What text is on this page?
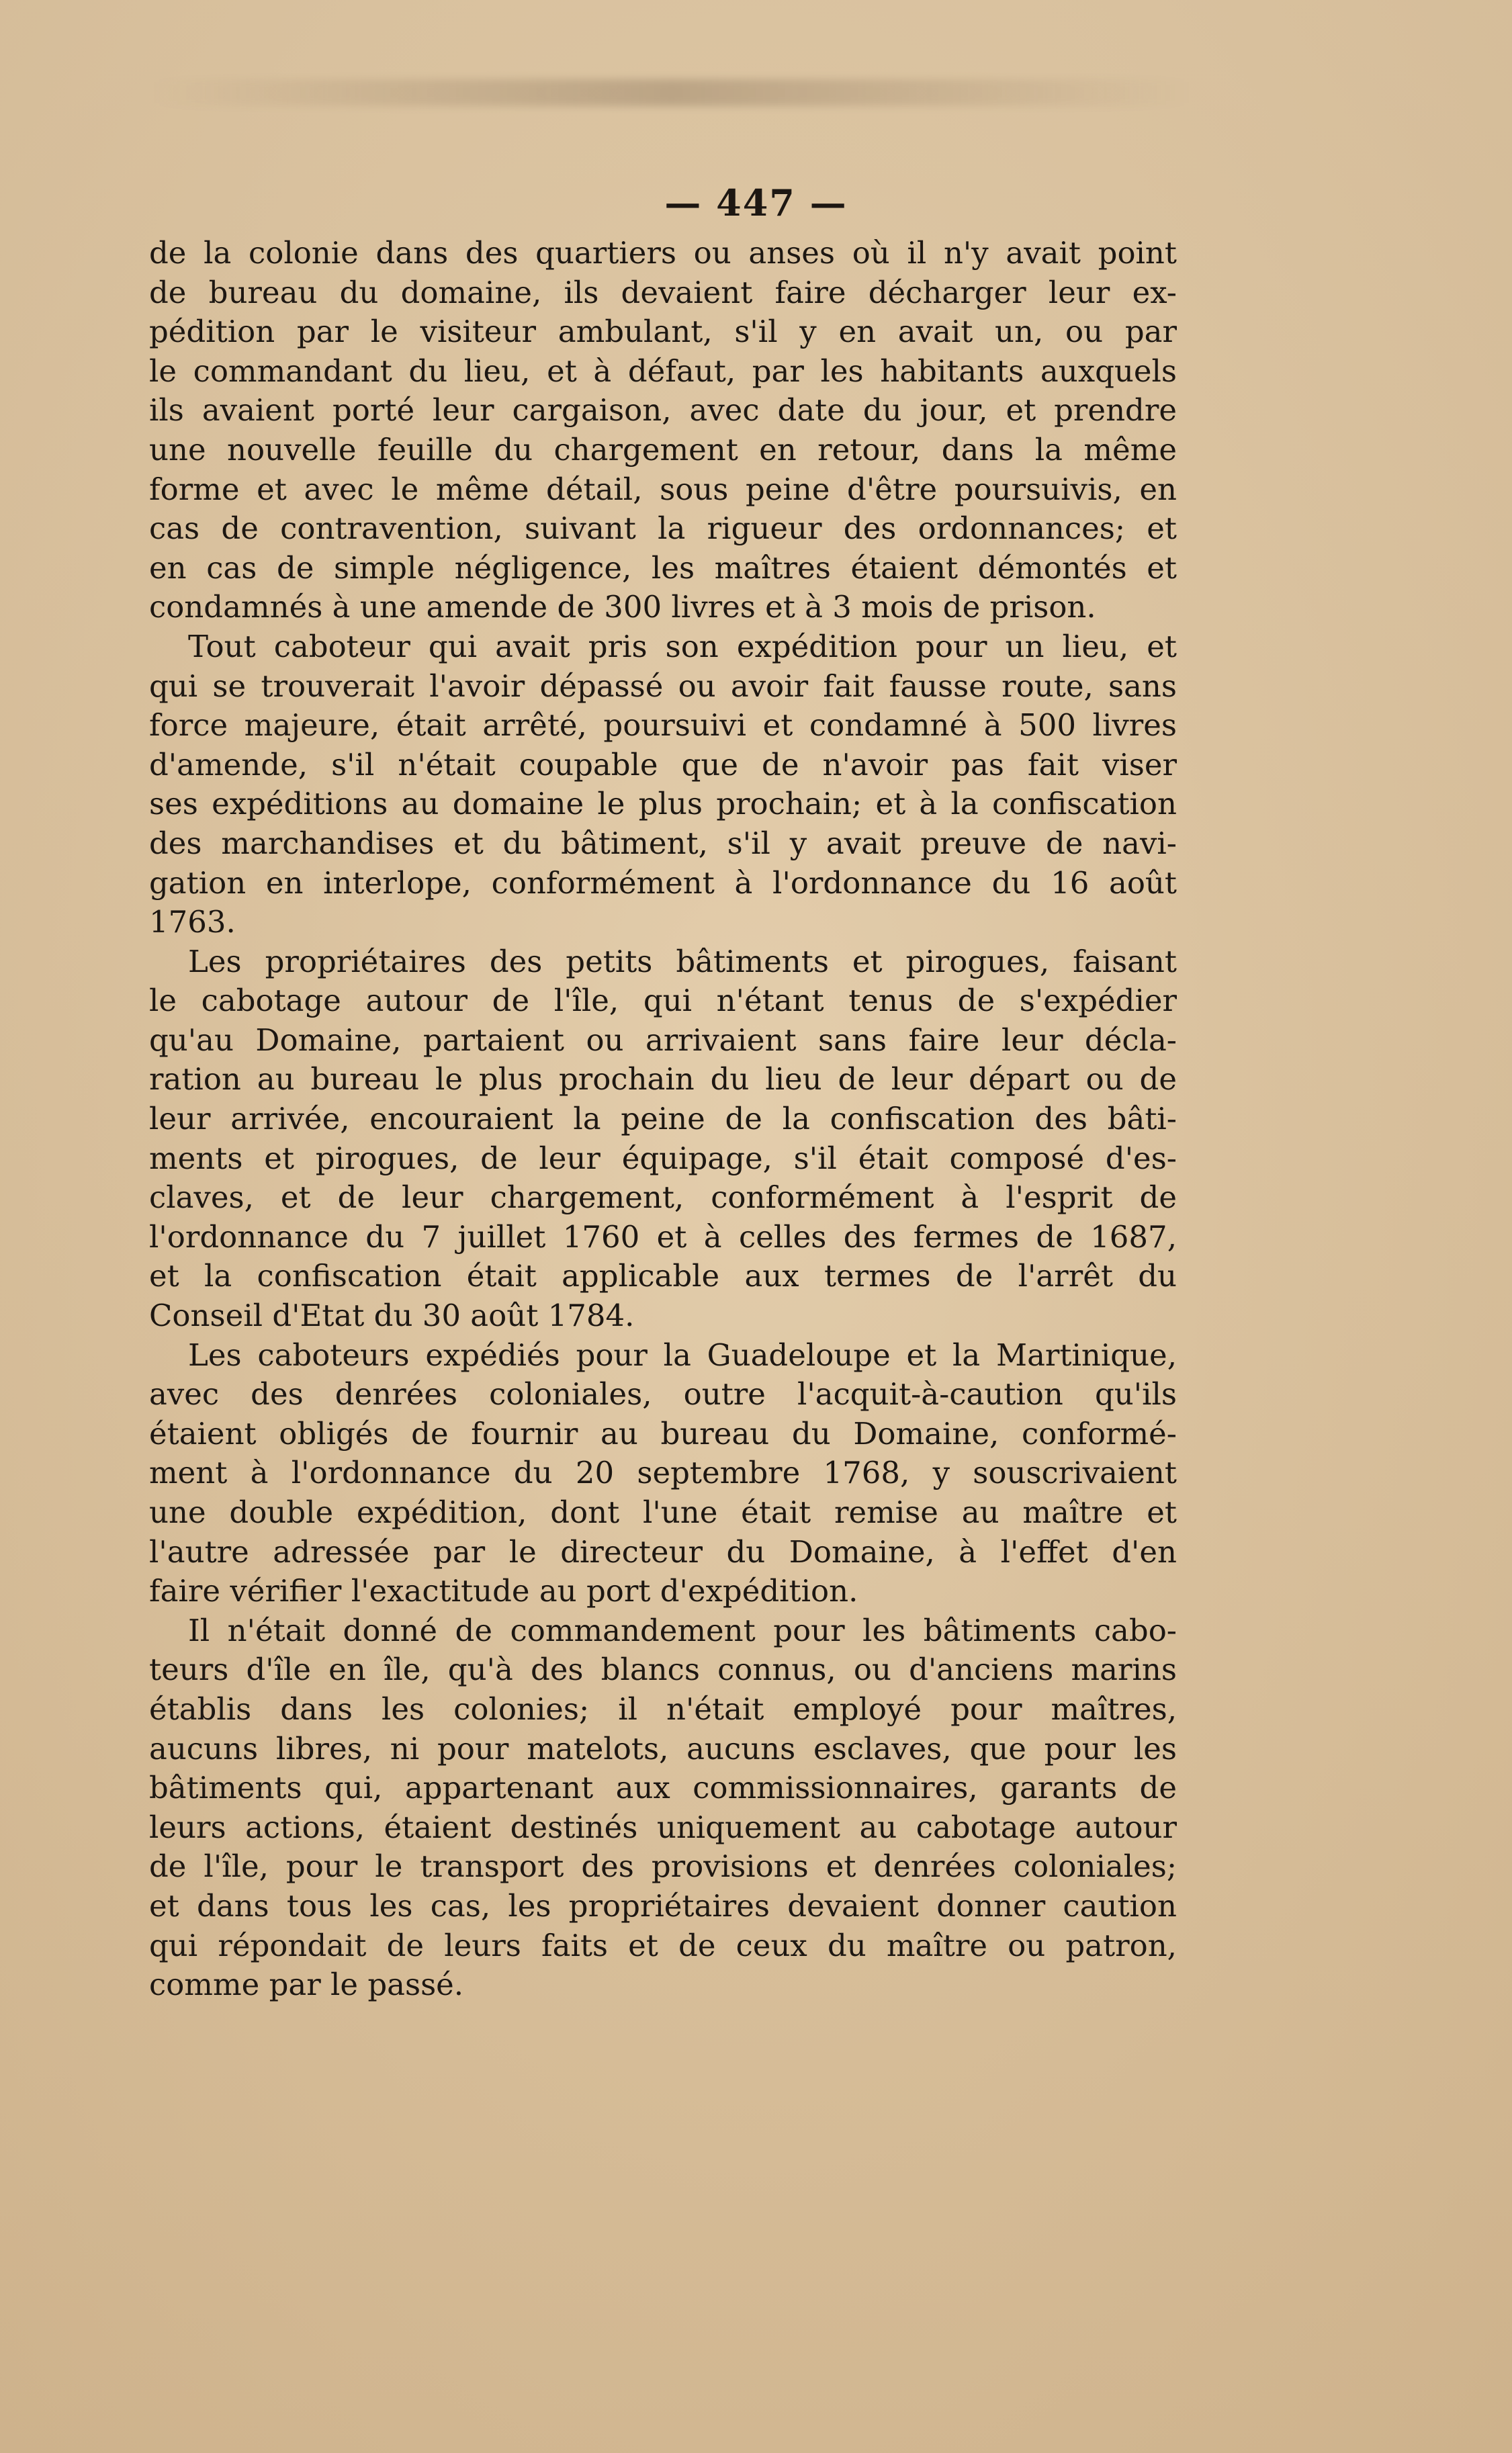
— 447 —
de la colonie dans des quartiers ou anses où il n'y avait point
de bureau du domaine, ils devaient faire décharger leur ex-
pédition par le visiteur ambulant, s'il y en avait un, ou par
le commandant du lieu, et à défaut, par les habitants auxquels
ils avaient porté leur cargaison, avec date du jour, et prendre
une nouvelle feuille du chargement en retour, dans la même
forme et avec le même détail, sous peine d'être poursuivis, en
cas de contravention, suivant la rigueur des ordonnances; et
en cas de simple négligence, les maîtres étaient démontés et
condamnés à une amende de 300 livres et à 3 mois de prison.
Tout caboteur qui avait pris son expédition pour un lieu, et
qui se trouverait l'avoir dépassé ou avoir fait fausse route, sans
force majeure, était arrêté, poursuivi et condamné à 500 livres
d'amende, s'il n'était coupable que de n'avoir pas fait viser
ses expéditions au domaine le plus prochain; et à la confiscation
des marchandises et du bâtiment, s'il y avait preuve de navi-
gation en interlope, conformément à l'ordonnance du 16 août
1763.
Les propriétaires des petits bâtiments et pirogues, faisant
le cabotage autour de l'île, qui n'étant tenus de s'expédier
qu'au Domaine, partaient ou arrivaient sans faire leur décla-
ration au bureau le plus prochain du lieu de leur départ ou de
leur arrivée, encouraient la peine de la confiscation des bâti-
ments et pirogues, de leur équipage, s'il était composé d'es-
claves, et de leur chargement, conformément à l'esprit de
l'ordonnance du 7 juillet 1760 et à celles des fermes de 1687,
et la confiscation était applicable aux termes de l'arrêt du
Conseil d'Etat du 30 août 1784.
Les caboteurs expédiés pour la Guadeloupe et la Martinique,
avec des denrées coloniales, outre l'acquit-à-caution qu'ils
étaient obligés de fournir au bureau du Domaine, conformé-
ment à l'ordonnance du 20 septembre 1768, y souscrivaient
une double expédition, dont l'une était remise au maître et
l'autre adressée par le directeur du Domaine, à l'effet d'en
faire vérifier l'exactitude au port d'expédition.
Il n'était donné de commandement pour les bâtiments cabo-
teurs d'île en île, qu'à des blancs connus, ou d'anciens marins
établis dans les colonies; il n'était employé pour maîtres,
aucuns libres, ni pour matelots, aucuns esclaves, que pour les
bâtiments qui, appartenant aux commissionnaires, garants de
leurs actions, étaient destinés uniquement au cabotage autour
de l'île, pour le transport des provisions et denrées coloniales;
et dans tous les cas, les propriétaires devaient donner caution
qui répondait de leurs faits et de ceux du maître ou patron,
comme par le passé.
